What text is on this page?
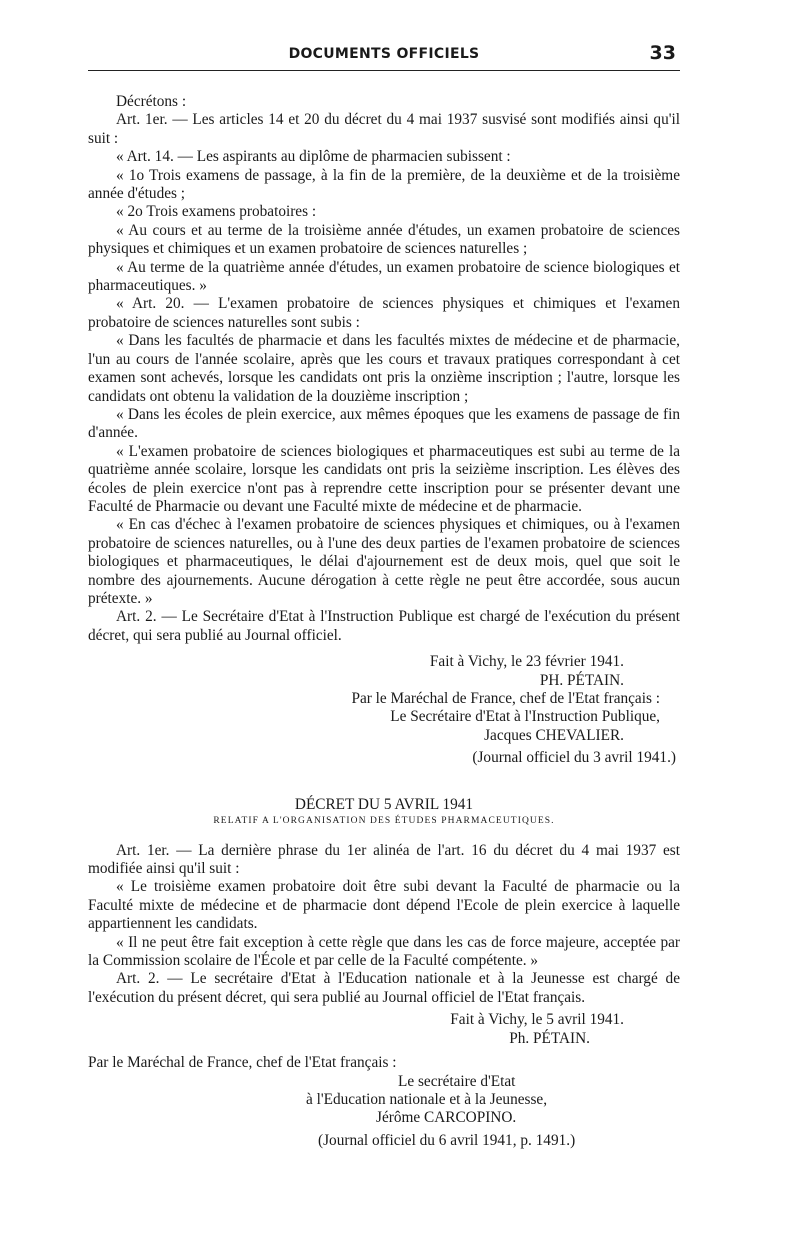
DOCUMENTS OFFICIELS	33

Décrétons :

Art. 1er. — Les articles 14 et 20 du décret du 4 mai 1937 susvisé sont modifiés ainsi qu'il suit :

« Art. 14. — Les aspirants au diplôme de pharmacien subissent :

« 1o Trois examens de passage, à la fin de la première, de la deuxième et de la troisième année d'études ;

« 2o Trois examens probatoires :

« Au cours et au terme de la troisième année d'études, un examen probatoire de sciences physiques et chimiques et un examen probatoire de sciences naturelles ;

« Au terme de la quatrième année d'études, un examen probatoire de science biologiques et pharmaceutiques. »

« Art. 20. — L'examen probatoire de sciences physiques et chimiques et l'examen probatoire de sciences naturelles sont subis :

« Dans les facultés de pharmacie et dans les facultés mixtes de médecine et de pharmacie, l'un au cours de l'année scolaire, après que les cours et travaux pratiques correspondant à cet examen sont achevés, lorsque les candidats ont pris la onzième inscription ; l'autre, lorsque les candidats ont obtenu la validation de la douzième inscription ;

« Dans les écoles de plein exercice, aux mêmes époques que les examens de passage de fin d'année.

« L'examen probatoire de sciences biologiques et pharmaceutiques est subi au terme de la quatrième année scolaire, lorsque les candidats ont pris la seizième inscription. Les élèves des écoles de plein exercice n'ont pas à reprendre cette inscription pour se présenter devant une Faculté de Pharmacie ou devant une Faculté mixte de médecine et de pharmacie.

« En cas d'échec à l'examen probatoire de sciences physiques et chimiques, ou à l'examen probatoire de sciences naturelles, ou à l'une des deux parties de l'examen probatoire de sciences biologiques et pharmaceutiques, le délai d'ajournement est de deux mois, quel que soit le nombre des ajournements. Aucune dérogation à cette règle ne peut être accordée, sous aucun prétexte. »

Art. 2. — Le Secrétaire d'Etat à l'Instruction Publique est chargé de l'exécution du présent décret, qui sera publié au Journal officiel.

Fait à Vichy, le 23 février 1941.

PH. PÉTAIN.

Par le Maréchal de France, chef de l'Etat français :

Le Secrétaire d'Etat à l'Instruction Publique,

Jacques CHEVALIER.

(Journal officiel du 3 avril 1941.)

DÉCRET DU 5 AVRIL 1941

RELATIF A L'ORGANISATION DES ÉTUDES PHARMACEUTIQUES.

Art. 1er. — La dernière phrase du 1er alinéa de l'art. 16 du décret du 4 mai 1937 est modifiée ainsi qu'il suit :

« Le troisième examen probatoire doit être subi devant la Faculté de pharmacie ou la Faculté mixte de médecine et de pharmacie dont dépend l'Ecole de plein exercice à laquelle appartiennent les candidats.

« Il ne peut être fait exception à cette règle que dans les cas de force majeure, acceptée par la Commission scolaire de l'École et par celle de la Faculté compétente. »

Art. 2. — Le secrétaire d'Etat à l'Education nationale et à la Jeunesse est chargé de l'exécution du présent décret, qui sera publié au Journal officiel de l'Etat français.

Fait à Vichy, le 5 avril 1941.

Ph. PÉTAIN.

Par le Maréchal de France, chef de l'Etat français :

Le secrétaire d'Etat

à l'Education nationale et à la Jeunesse,

Jérôme CARCOPINO.

(Journal officiel du 6 avril 1941, p. 1491.)
